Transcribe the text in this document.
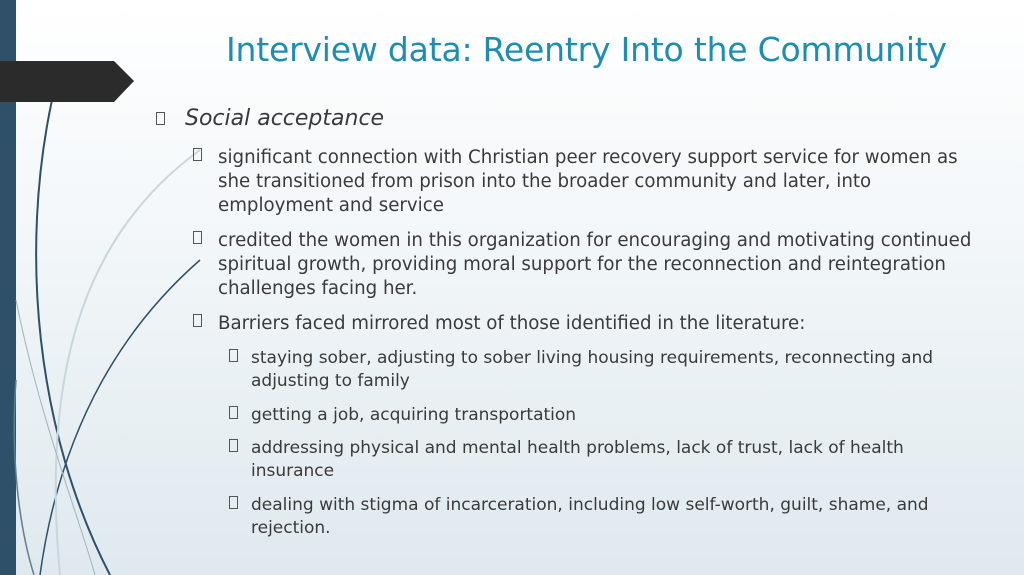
Interview data: Reentry Into the Community
Social acceptance
significant connection with Christian peer recovery support service for women as she transitioned from prison into the broader community and later, into employment and service
credited the women in this organization for encouraging and motivating continued spiritual growth, providing moral support for the reconnection and reintegration challenges facing her.
Barriers faced mirrored most of those identified in the literature:
staying sober, adjusting to sober living housing requirements, reconnecting and adjusting to family
getting a job, acquiring transportation
addressing physical and mental health problems, lack of trust, lack of health insurance
dealing with stigma of incarceration, including low self-worth, guilt, shame, and rejection.
